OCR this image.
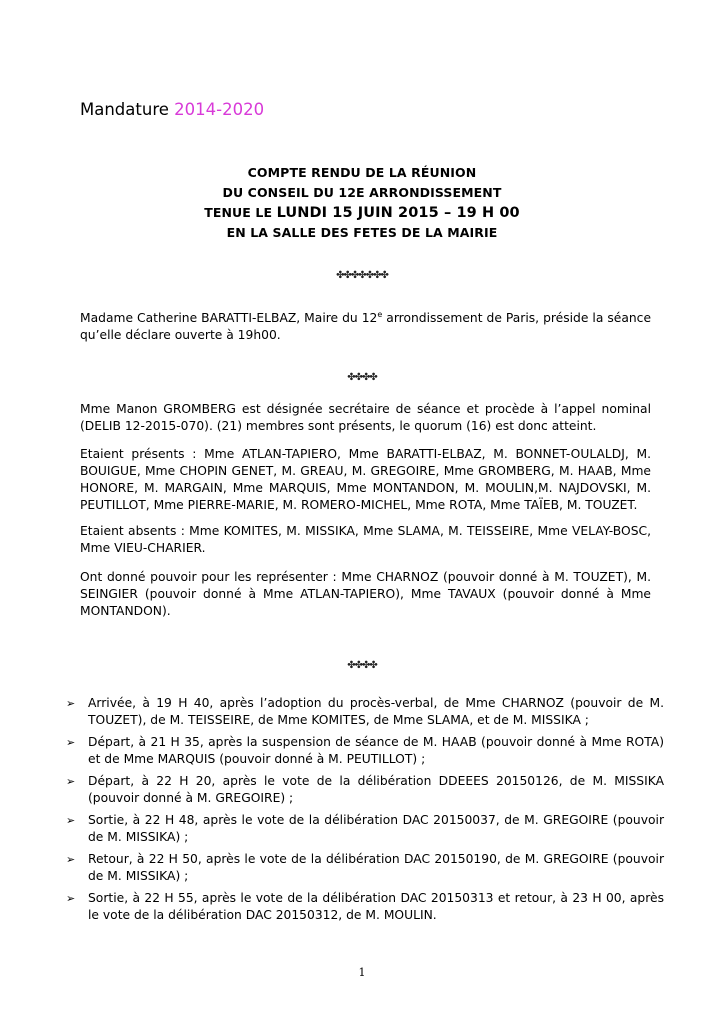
Mandature 2014-2020
COMPTE RENDU DE LA RÉUNION
DU CONSEIL DU 12E ARRONDISSEMENT
TENUE LE LUNDI 15 JUIN 2015 – 19 H 00
EN LA SALLE DES FETES DE LA MAIRIE
✤✤✤✤✤✤✤
Madame Catherine BARATTI-ELBAZ, Maire du 12e arrondissement de Paris, préside la séance qu’elle déclare ouverte à 19h00.
✤✤✤✤
Mme Manon GROMBERG est désignée secrétaire de séance et procède à l’appel nominal (DELIB 12-2015-070). (21) membres sont présents, le quorum (16) est donc atteint.
Etaient présents : Mme ATLAN-TAPIERO, Mme BARATTI-ELBAZ, M. BONNET-OULALDJ, M. BOUIGUE, Mme CHOPIN GENET, M. GREAU, M. GREGOIRE, Mme GROMBERG, M. HAAB, Mme HONORE, M. MARGAIN, Mme MARQUIS, Mme MONTANDON, M. MOULIN,M. NAJDOVSKI, M. PEUTILLOT, Mme PIERRE-MARIE, M. ROMERO-MICHEL, Mme ROTA, Mme TAÏEB, M. TOUZET.
Etaient absents : Mme KOMITES, M. MISSIKA, Mme SLAMA, M. TEISSEIRE, Mme VELAY-BOSC, Mme VIEU-CHARIER.
Ont donné pouvoir pour les représenter : Mme CHARNOZ (pouvoir donné à M. TOUZET), M. SEINGIER (pouvoir donné à Mme ATLAN-TAPIERO), Mme TAVAUX (pouvoir donné à Mme MONTANDON).
✤✤✤✤
➢ Arrivée, à 19 H 40, après l’adoption du procès-verbal, de Mme CHARNOZ (pouvoir de M. TOUZET), de M. TEISSEIRE, de Mme KOMITES, de Mme SLAMA, et de M. MISSIKA ;
➢ Départ, à 21 H 35, après la suspension de séance de M. HAAB (pouvoir donné à Mme ROTA) et de Mme MARQUIS (pouvoir donné à M. PEUTILLOT) ;
➢ Départ, à 22 H 20, après le vote de la délibération DDEEES 20150126, de M. MISSIKA (pouvoir donné à M. GREGOIRE) ;
➢ Sortie, à 22 H 48, après le vote de la délibération DAC 20150037, de M. GREGOIRE (pouvoir de M. MISSIKA) ;
➢ Retour, à 22 H 50, après le vote de la délibération DAC 20150190, de M. GREGOIRE (pouvoir de M. MISSIKA) ;
➢ Sortie, à 22 H 55, après le vote de la délibération DAC 20150313 et retour, à 23 H 00, après le vote de la délibération DAC 20150312, de M. MOULIN.
1
